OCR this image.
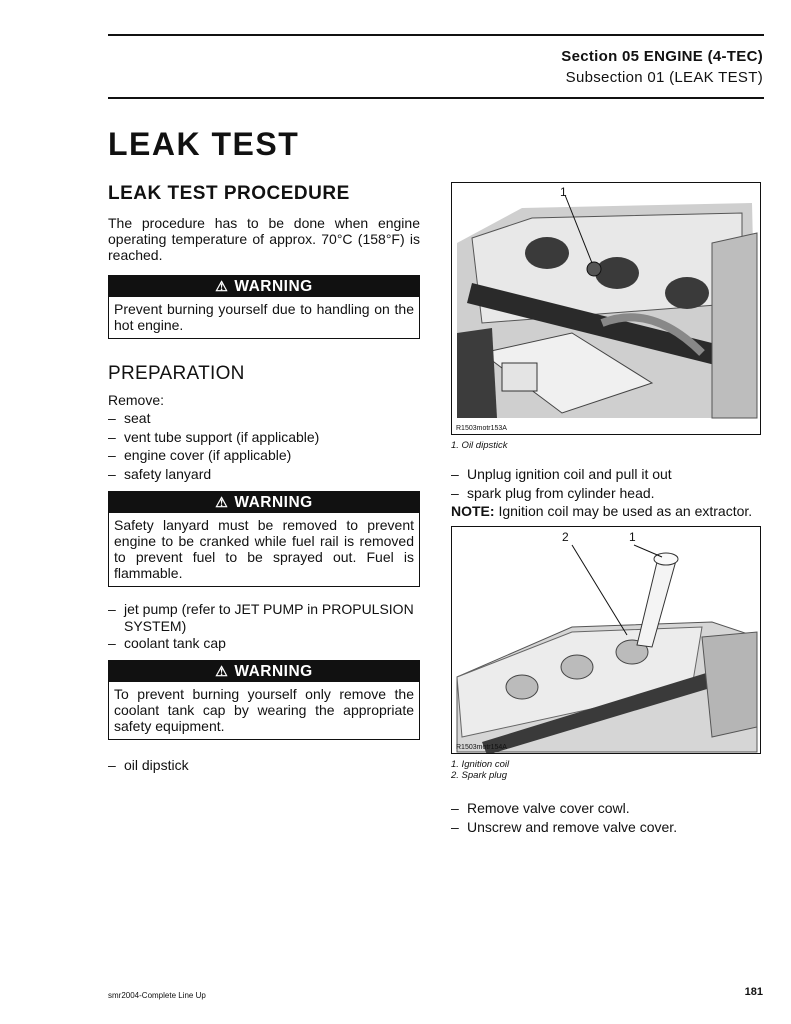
Section 05 ENGINE (4-TEC)
Subsection 01 (LEAK TEST)
LEAK TEST
LEAK TEST PROCEDURE

The procedure has to be done when engine operating temperature of approx. 70°C (158°F) is reached.

⚠ WARNING
Prevent burning yourself due to handling on the hot engine.
PREPARATION
Remove:
– seat
– vent tube support (if applicable)
– engine cover (if applicable)
– safety lanyard
⚠ WARNING
Safety lanyard must be removed to prevent engine to be cranked while fuel rail is removed to prevent fuel to be sprayed out. Fuel is flammable.
– jet pump (refer to JET PUMP in PROPULSION SYSTEM)
– coolant tank cap
⚠ WARNING
To prevent burning yourself only remove the coolant tank cap by wearing the appropriate safety equipment.
– oil dipstick
1
R1503motr153A
1. Oil dipstick
– Unplug ignition coil and pull it out
– spark plug from cylinder head.
NOTE: Ignition coil may be used as an extractor.
2	1
R1503motr154A
1. Ignition coil
2. Spark plug
– Remove valve cover cowl.
– Unscrew and remove valve cover.
smr2004-Complete Line Up	181
